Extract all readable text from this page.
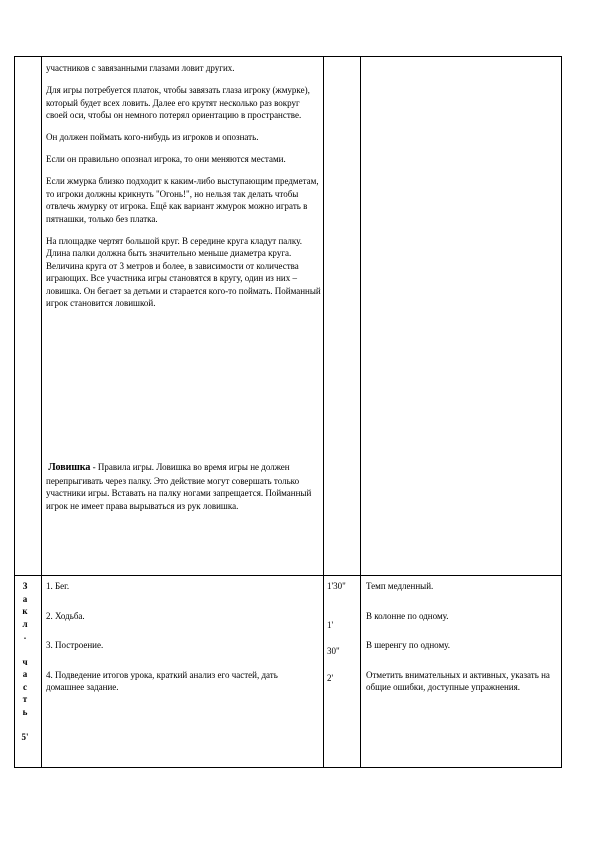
участников с завязанными глазами ловит других.

Для игры потребуется платок, чтобы завязать глаза игроку (жмурке), который будет всех ловить. Далее его крутят несколько раз вокруг своей оси, чтобы он немного потерял ориентацию в пространстве.

Он должен поймать кого-нибудь из игроков и опознать.

Если он правильно опознал игрока, то они меняются местами.

Если жмурка близко подходит к каким-либо выступающим предметам, то игроки должны крикнуть "Огонь!", но нельзя так делать чтобы отвлечь жмурку от игрока. Ещё как вариант жмурок можно играть в пятнашки, только без платка.

На площадке чертят большой круг. В середине круга кладут палку. Длина палки должна быть значительно меньше диаметра круга. Величина круга от 3 метров и более, в зависимости от количества играющих. Все участника игры становятся в кругу, один из них – ловишка. Он бегает за детьми и старается кого-то поймать. Пойманный игрок становится ловишкой.

Ловишка - Правила игры. Ловишка во время игры не должен перепрыгивать через палку. Это действие могут совершать только участники игры. Вставать на палку ногами запрещается. Пойманный игрок не имеет права вырываться из рук ловишка.
З
а
к
л
.
ч
а
с
т
ь
5'

1. Бег.

2. Ходьба.

3. Построение.

4. Подведение итогов урока, краткий анализ его частей, дать домашнее задание.

1'30"

1'

30"

2'

Темп медленный.

В колонне по одному.

В шеренгу по одному.

Отметить внимательных и активных, указать на общие ошибки, доступные упражнения.
